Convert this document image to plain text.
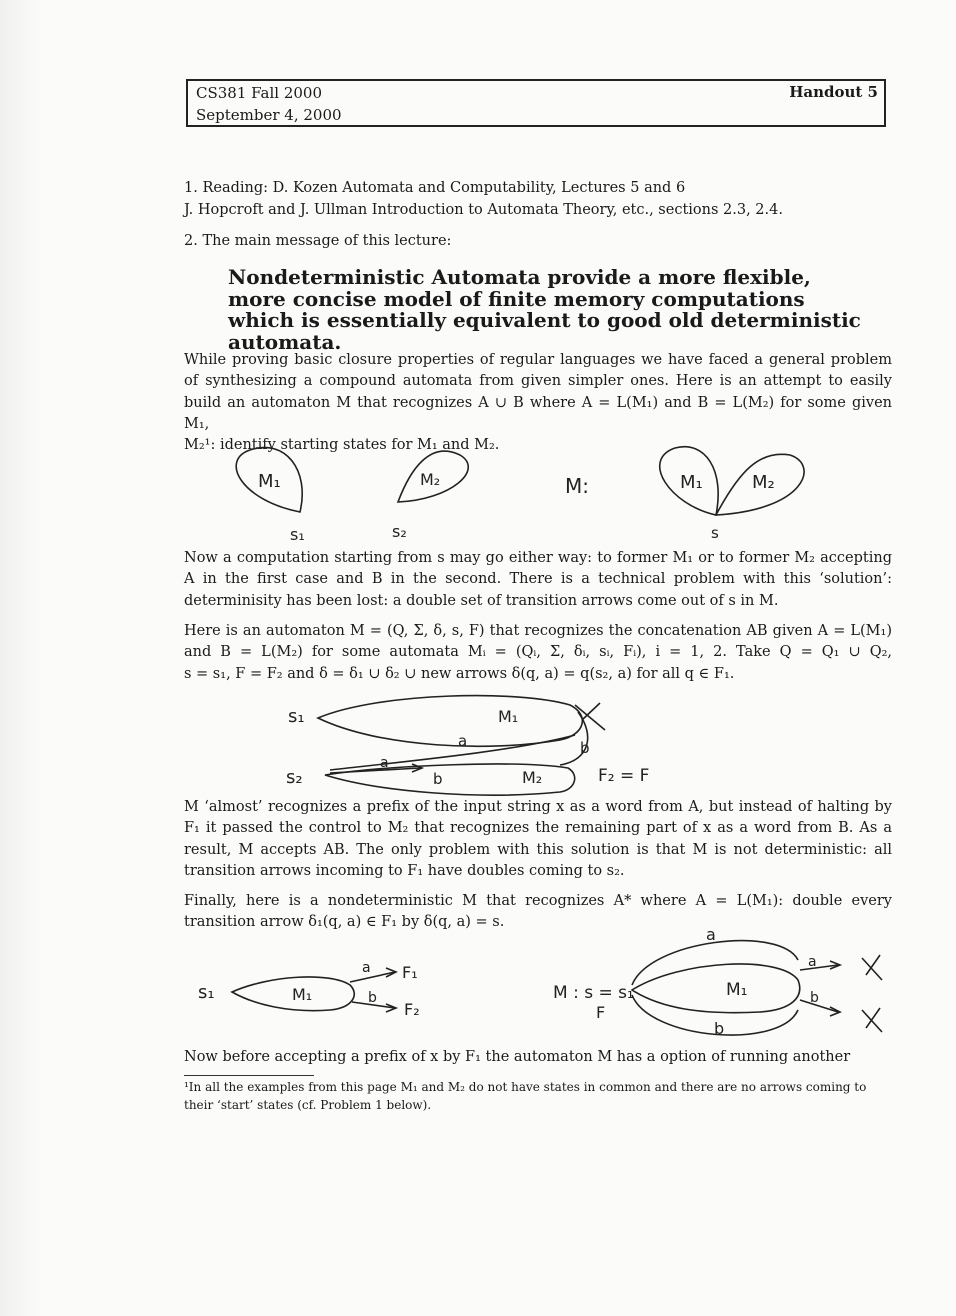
CS381 Fall 2000
September 4, 2000
Handout 5
1. Reading: D. Kozen Automata and Computability, Lectures 5 and 6
J. Hopcroft and J. Ullman Introduction to Automata Theory, etc., sections 2.3, 2.4.
2. The main message of this lecture:
Nondeterministic Automata provide a more flexible, more concise model of finite memory computations which is essentially equivalent to good old deterministic automata.
While proving basic closure properties of regular languages we have faced a general problem of synthesizing a compound automata from given simpler ones. Here is an attempt to easily build an automaton M that recognizes A ∪ B where A = L(M₁) and B = L(M₂) for some given M₁,
M₂¹: identify starting states for M₁ and M₂.
M₁
s₁
M₂
s₂
M:	M₁	M₂
s
Now a computation starting from s may go either way: to former M₁ or to former M₂ accepting A in the first case and B in the second. There is a technical problem with this ‘solution’:
determinisity has been lost: a double set of transition arrows come out of s in M.
Here is an automaton M = (Q, Σ, δ, s, F) that recognizes the concatenation AB given A = L(M₁) and B = L(M₂) for some automata Mᵢ = (Qᵢ, Σ, δᵢ, sᵢ, Fᵢ), i = 1, 2. Take Q = Q₁ ∪ Q₂,
s = s₁, F = F₂ and δ = δ₁ ∪ δ₂ ∪ new arrows δ(q, a) = q(s₂, a) for all q ∈ F₁.
s₁	M₁
a	b
s₂
a
b	M₂	F₂ = F
M ‘almost’ recognizes a prefix of the input string x as a word from A, but instead of halting by F₁ it passed the control to M₂ that recognizes the remaining part of x as a word from B. As a result, M accepts AB. The only problem with this solution is that M is not deterministic: all
transition arrows incoming to F₁ have doubles coming to s₂.
Finally, here is a nondeterministic M that recognizes A* where A = L(M₁): double every
transition arrow δ₁(q, a) ∈ F₁ by δ(q, a) = s.
s₁	M₁
a F₁
b
F₂
a
M : s = s₁
F
M₁
b
a
b
Now before accepting a prefix of x by F₁ the automaton M has a option of running another
¹In all the examples from this page M₁ and M₂ do not have states in common and there are no arrows coming to their ‘start’ states (cf. Problem 1 below).
